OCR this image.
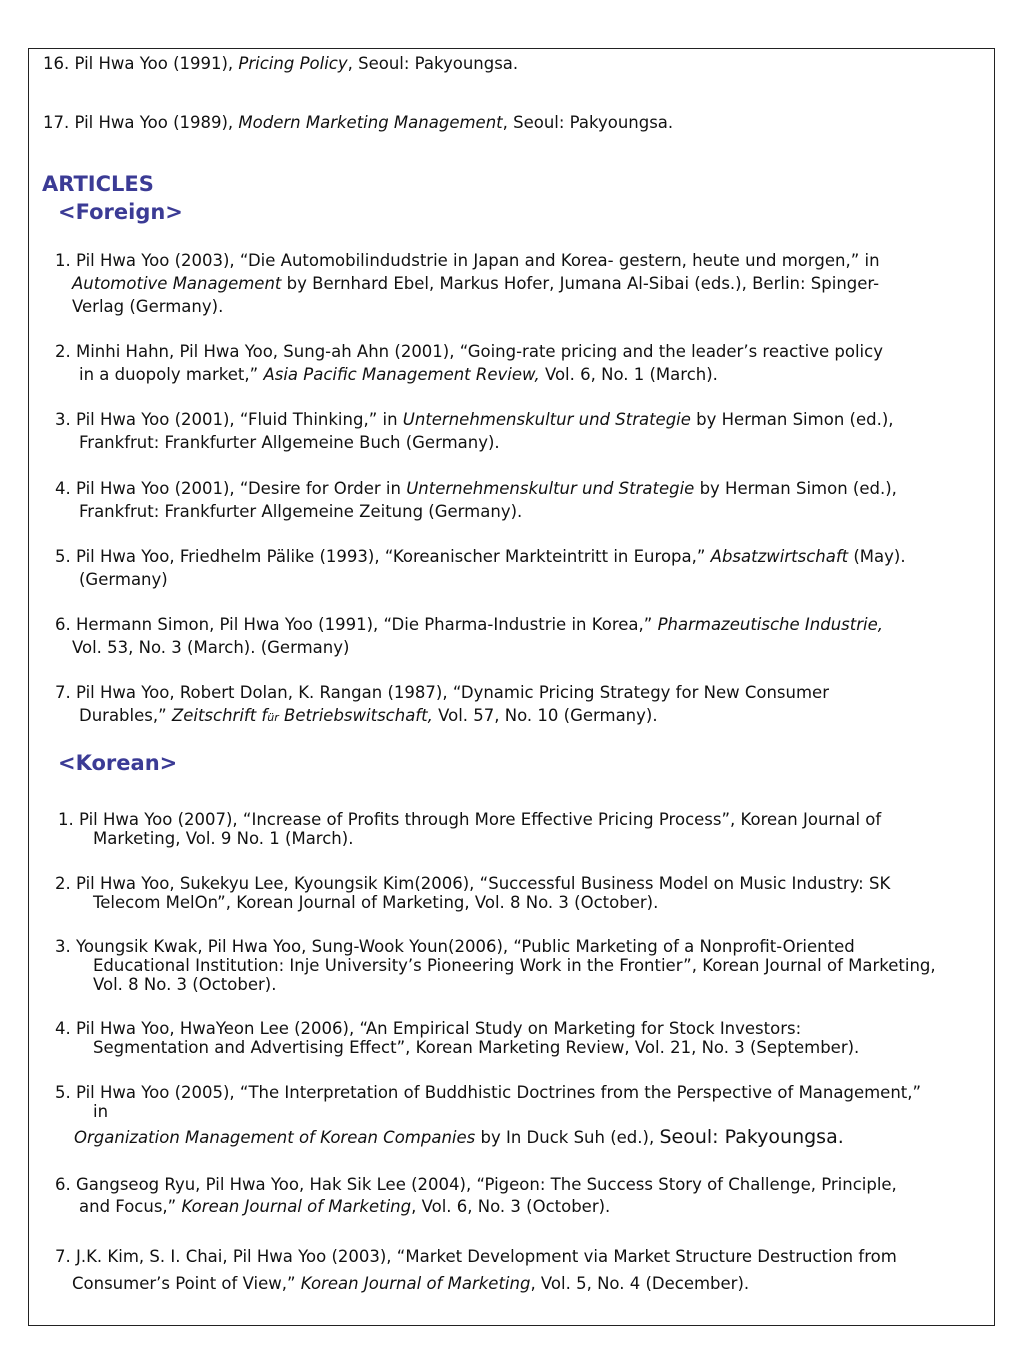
16. Pil Hwa Yoo (1991), Pricing Policy, Seoul: Pakyoungsa.
17. Pil Hwa Yoo (1989), Modern Marketing Management, Seoul: Pakyoungsa.
ARTICLES
<Foreign>
1. Pil Hwa Yoo (2003), “Die Automobilindudstrie in Japan and Korea- gestern, heute und morgen,” in
Automotive Management by Bernhard Ebel, Markus Hofer, Jumana Al-Sibai (eds.), Berlin: Spinger-
Verlag (Germany).
2. Minhi Hahn, Pil Hwa Yoo, Sung-ah Ahn (2001), “Going-rate pricing and the leader’s reactive policy
in a duopoly market,” Asia Pacific Management Review, Vol. 6, No. 1 (March).
3. Pil Hwa Yoo (2001), “Fluid Thinking,” in Unternehmenskultur und Strategie by Herman Simon (ed.),
Frankfrut: Frankfurter Allgemeine Buch (Germany).
4. Pil Hwa Yoo (2001), “Desire for Order in Unternehmenskultur und Strategie by Herman Simon (ed.),
Frankfrut: Frankfurter Allgemeine Zeitung (Germany).
5. Pil Hwa Yoo, Friedhelm Pälike (1993), “Koreanischer Markteintritt in Europa,” Absatzwirtschaft (May).
(Germany)
6. Hermann Simon, Pil Hwa Yoo (1991), “Die Pharma-Industrie in Korea,” Pharmazeutische Industrie,
Vol. 53, No. 3 (March). (Germany)
7. Pil Hwa Yoo, Robert Dolan, K. Rangan (1987), “Dynamic Pricing Strategy for New Consumer
Durables,” Zeitschrift für Betriebswitschaft, Vol. 57, No. 10 (Germany).
<Korean>
1. Pil Hwa Yoo (2007), “Increase of Profits through More Effective Pricing Process”, Korean Journal of
Marketing, Vol. 9 No. 1 (March).
2. Pil Hwa Yoo, Sukekyu Lee, Kyoungsik Kim(2006), “Successful Business Model on Music Industry: SK
Telecom MelOn”, Korean Journal of Marketing, Vol. 8 No. 3 (October).
3. Youngsik Kwak, Pil Hwa Yoo, Sung-Wook Youn(2006), “Public Marketing of a Nonprofit-Oriented
Educational Institution: Inje University’s Pioneering Work in the Frontier”, Korean Journal of Marketing,
Vol. 8 No. 3 (October).
4. Pil Hwa Yoo, HwaYeon Lee (2006), “An Empirical Study on Marketing for Stock Investors:
Segmentation and Advertising Effect”, Korean Marketing Review, Vol. 21, No. 3 (September).
5. Pil Hwa Yoo (2005), “The Interpretation of Buddhistic Doctrines from the Perspective of Management,”
in
Organization Management of Korean Companies by In Duck Suh (ed.), Seoul: Pakyoungsa.
6. Gangseog Ryu, Pil Hwa Yoo, Hak Sik Lee (2004), “Pigeon: The Success Story of Challenge, Principle,
and Focus,” Korean Journal of Marketing, Vol. 6, No. 3 (October).
7. J.K. Kim, S. I. Chai, Pil Hwa Yoo (2003), “Market Development via Market Structure Destruction from
Consumer’s Point of View,” Korean Journal of Marketing, Vol. 5, No. 4 (December).
